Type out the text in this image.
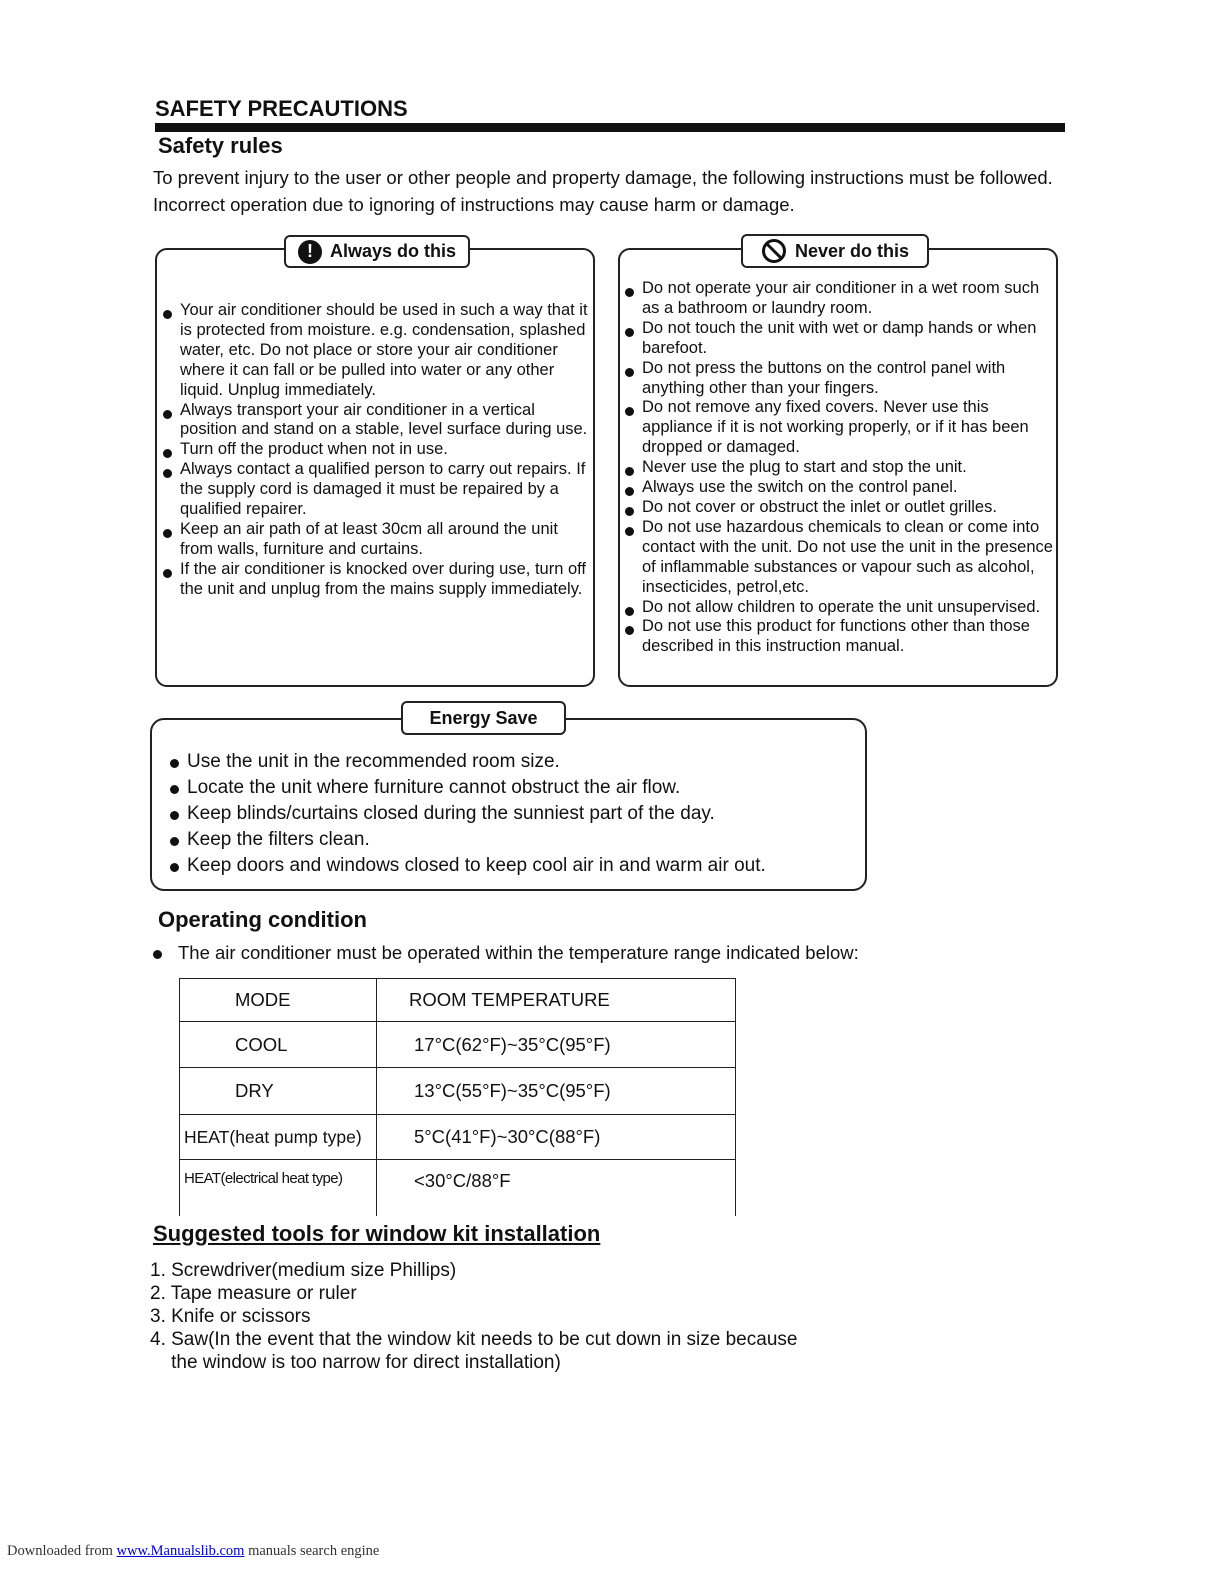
SAFETY PRECAUTIONS
Safety rules
To prevent injury to the user or other people and property damage, the following instructions must be followed. Incorrect operation due to ignoring of instructions may cause harm or damage.
! Always do this
Your air conditioner should be used in such a way that it is protected from moisture. e.g. condensation, splashed water, etc. Do not place or store your air conditioner where it can fall or be pulled into water or any other liquid. Unplug immediately.
Always transport your air conditioner in a vertical position and stand on a stable, level surface during use.
Turn off the product when not in use.
Always contact a qualified person to carry out repairs. If the supply cord is damaged it must be repaired by a qualified repairer.
Keep an air path of at least 30cm all around the unit from walls, furniture and curtains.
If the air conditioner is knocked over during use, turn off the unit and unplug from the mains supply immediately.
Never do this
Do not operate your air conditioner in a wet room such as a bathroom or laundry room.
Do not touch the unit with wet or damp hands or when barefoot.
Do not press the buttons on the control panel with anything other than your fingers.
Do not remove any fixed covers. Never use this appliance if it is not working properly, or if it has been dropped or damaged.
Never use the plug to start and stop the unit.
Always use the switch on the control panel.
Do not cover or obstruct the inlet or outlet grilles.
Do not use hazardous chemicals to clean or come into contact with the unit. Do not use the unit in the presence of inflammable substances or vapour such as alcohol, insecticides, petrol,etc.
Do not allow children to operate the unit unsupervised.
Do not use this product for functions other than those described in this instruction manual.
Energy Save
Use the unit in the recommended room size.
Locate the unit where furniture cannot obstruct the air flow.
Keep blinds/curtains closed during the sunniest part of the day.
Keep the filters clean.
Keep doors and windows closed to keep cool air in and warm air out.
Operating condition
The air conditioner must be operated within the temperature range indicated below:
MODE	ROOM TEMPERATURE
COOL	17°C(62°F)~35°C(95°F)
DRY	13°C(55°F)~35°C(95°F)
HEAT(heat pump type)	5°C(41°F)~30°C(88°F)
HEAT(electrical heat type)	<30°C/88°F
Suggested tools for window kit installation
1. Screwdriver(medium size Phillips)
2. Tape measure or ruler
3. Knife or scissors
4. Saw(In the event that the window kit needs to be cut down in size because
the window is too narrow for direct installation)
Downloaded from www.Manualslib.com manuals search engine
